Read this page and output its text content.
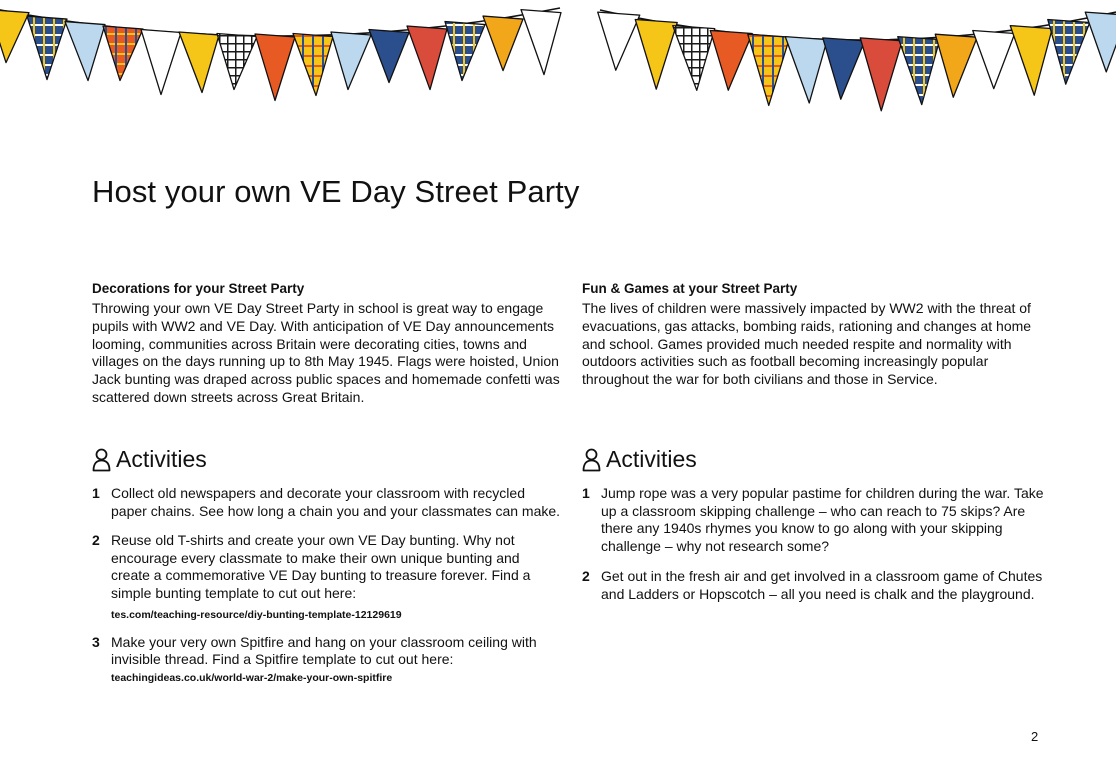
Host your own VE Day Street Party
Decorations for your Street Party

Throwing your own VE Day Street Party in school is great way to engage pupils with WW2 and VE Day. With anticipation of VE Day announcements looming, communities across Britain were decorating cities, towns and villages on the days running up to 8th May 1945. Flags were hoisted, Union Jack bunting was draped across public spaces and homemade confetti was scattered down streets across Great Britain.

Fun & Games at your Street Party

The lives of children were massively impacted by WW2 with the threat of evacuations, gas attacks, bombing raids, rationing and changes at home and school. Games provided much needed respite and normality with outdoors activities such as football becoming increasingly popular throughout the war for both civilians and those in Service.

Activities	Activities
1 Collect old newspapers and decorate your classroom with recycled paper chains. See how long a chain you and your classmates can make.
2 Reuse old T-shirts and create your own VE Day bunting. Why not encourage every classmate to make their own unique bunting and create a commemorative VE Day bunting to treasure forever. Find a simple bunting template to cut out here:
tes.com/teaching-resource/diy-bunting-template-12129619
3 Make your very own Spitfire and hang on your classroom ceiling with invisible thread. Find a Spitfire template to cut out here:
teachingideas.co.uk/world-war-2/make-your-own-spitfire
1 Jump rope was a very popular pastime for children during the war. Take up a classroom skipping challenge – who can reach to 75 skips? Are there any 1940s rhymes you know to go along with your skipping challenge – why not research some?
2 Get out in the fresh air and get involved in a classroom game of Chutes and Ladders or Hopscotch – all you need is chalk and the playground.
2
